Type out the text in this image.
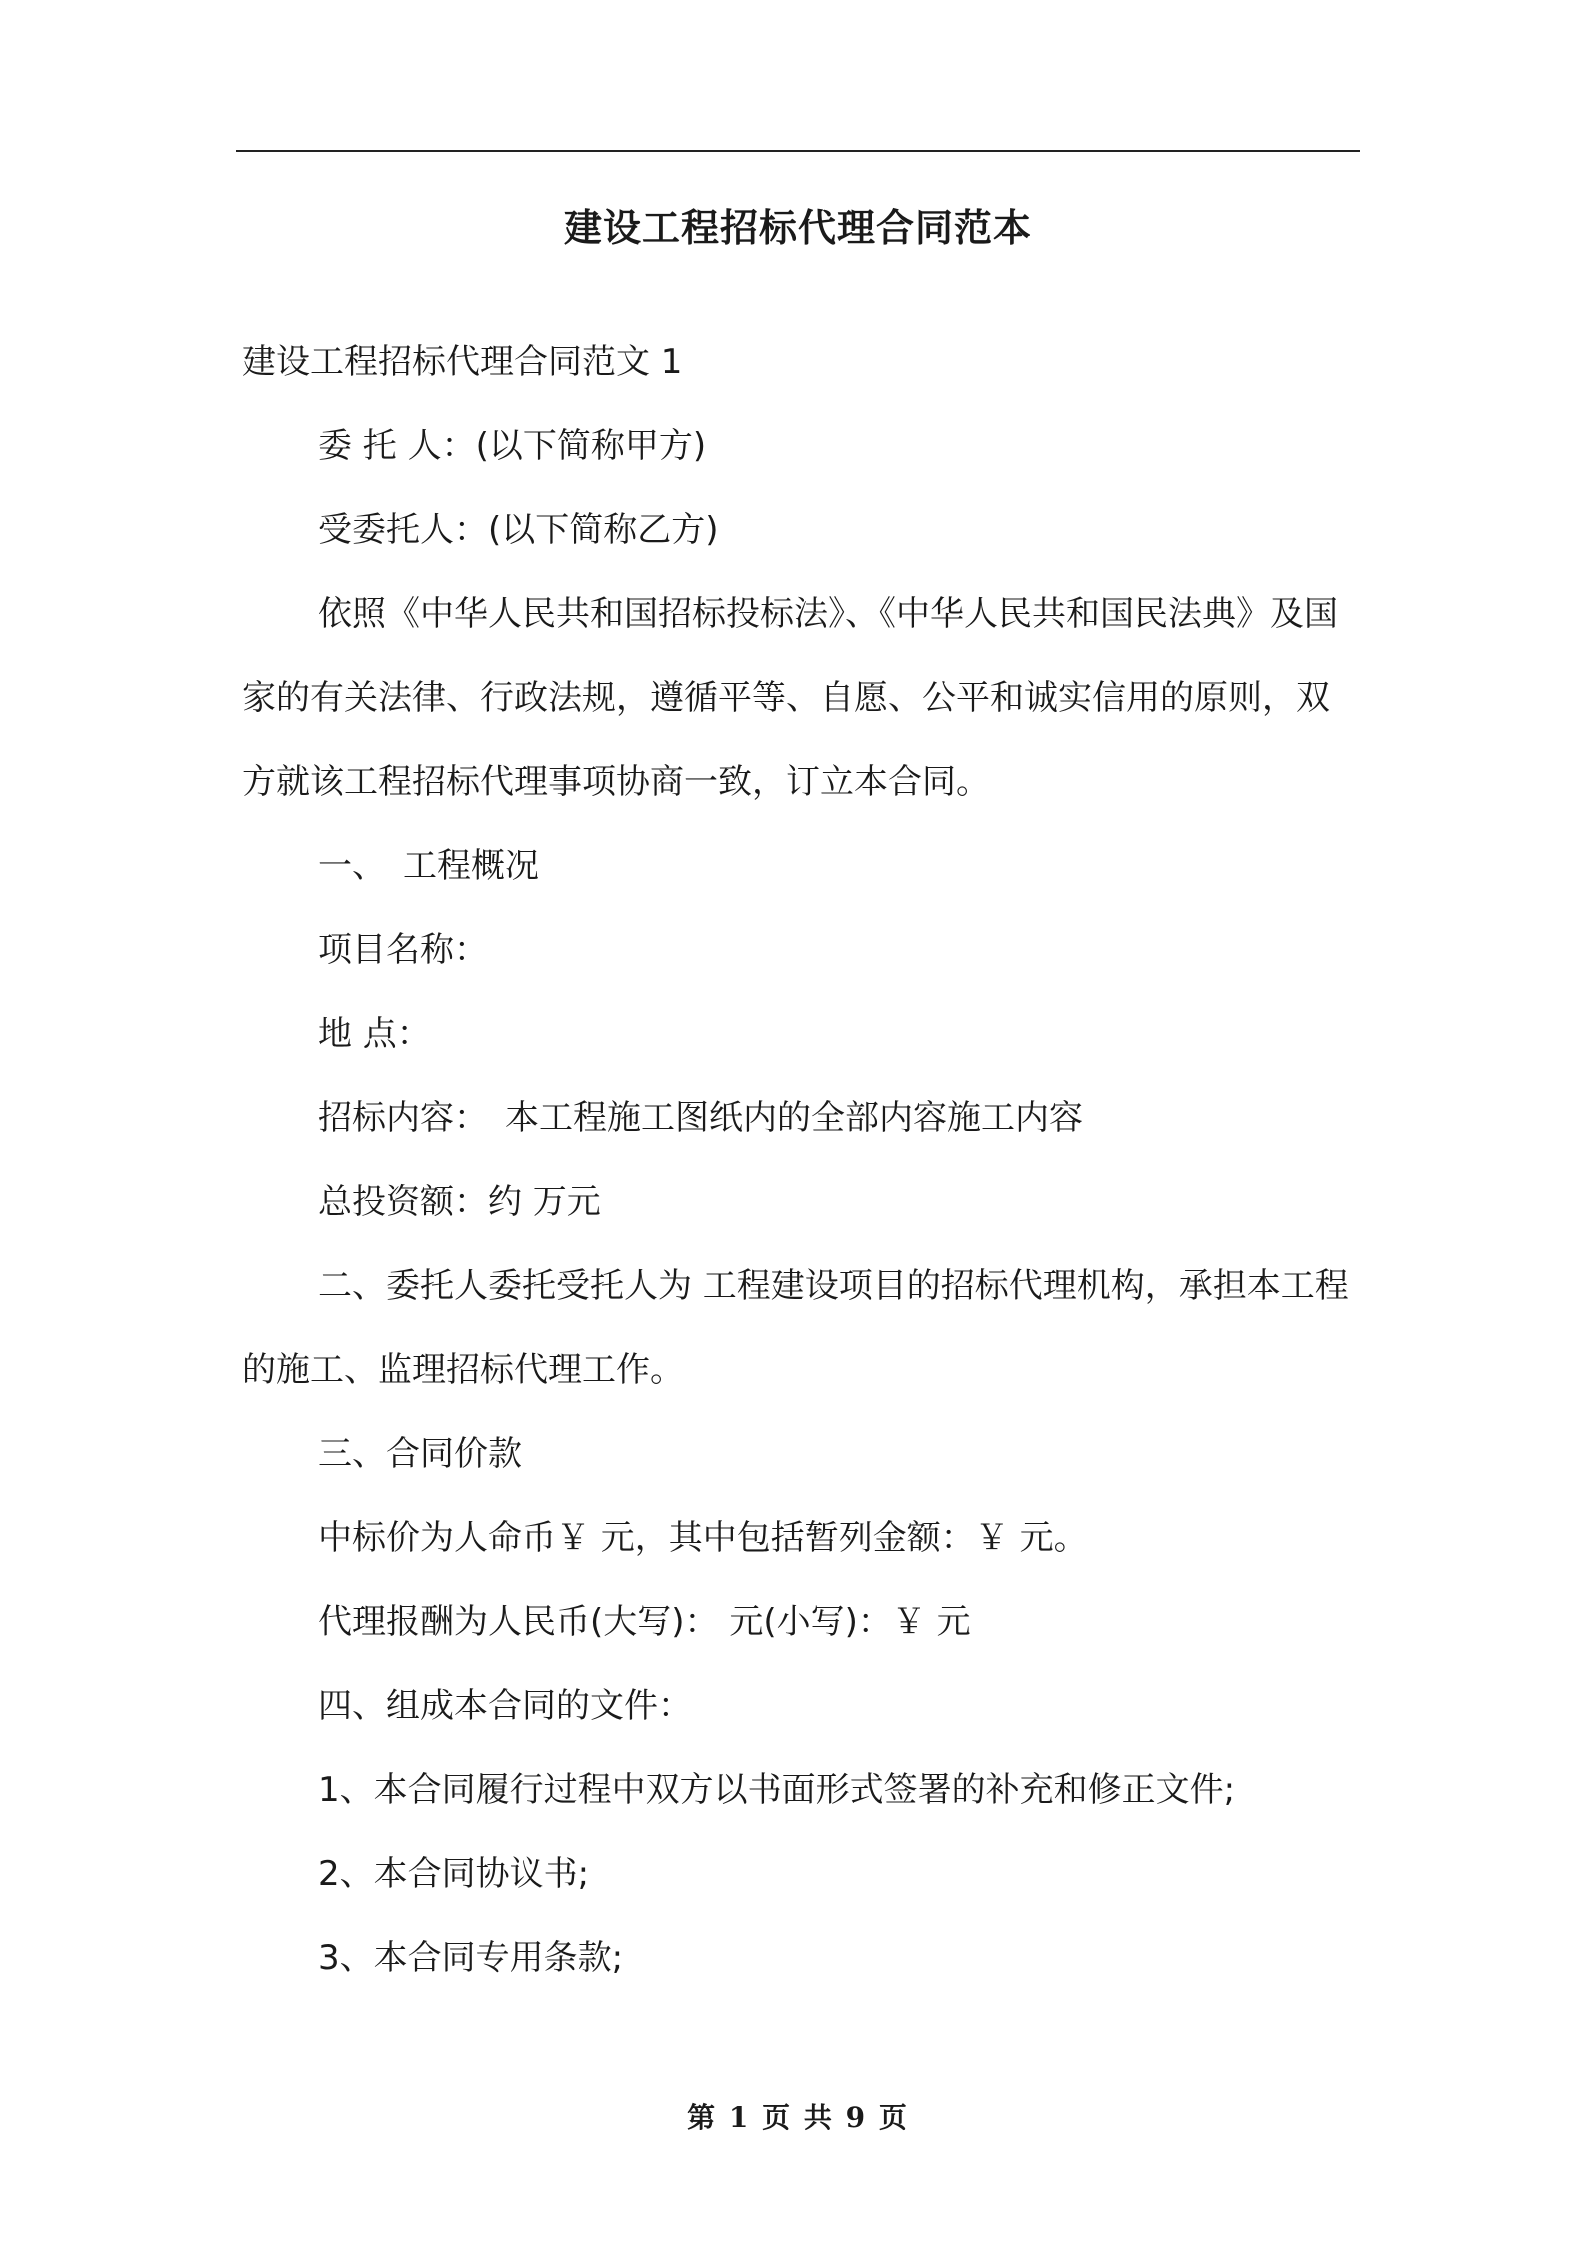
建设工程招标代理合同范本

建设工程招标代理合同范文 1

委 托 人：(以下简称甲方)

受委托人：(以下简称乙方)

依照《中华人民共和国招标投标法》、《中华人民共和国民法典》及国家的有关法律、行政法规，遵循平等、自愿、公平和诚实信用的原则，双方就该工程招标代理事项协商一致，订立本合同。

一、　工程概况

项目名称：

地 点：

招标内容：　本工程施工图纸内的全部内容施工内容

总投资额：约 万元

二、委托人委托受托人为 工程建设项目的招标代理机构，承担本工程的施工、监理招标代理工作。

三、合同价款

中标价为人命币￥ 元，其中包括暂列金额：￥ 元。

代理报酬为人民币(大写)： 元(小写)：￥ 元

四、组成本合同的文件：

1、本合同履行过程中双方以书面形式签署的补充和修正文件;

2、本合同协议书;

3、本合同专用条款;

第 1 页 共 9 页
